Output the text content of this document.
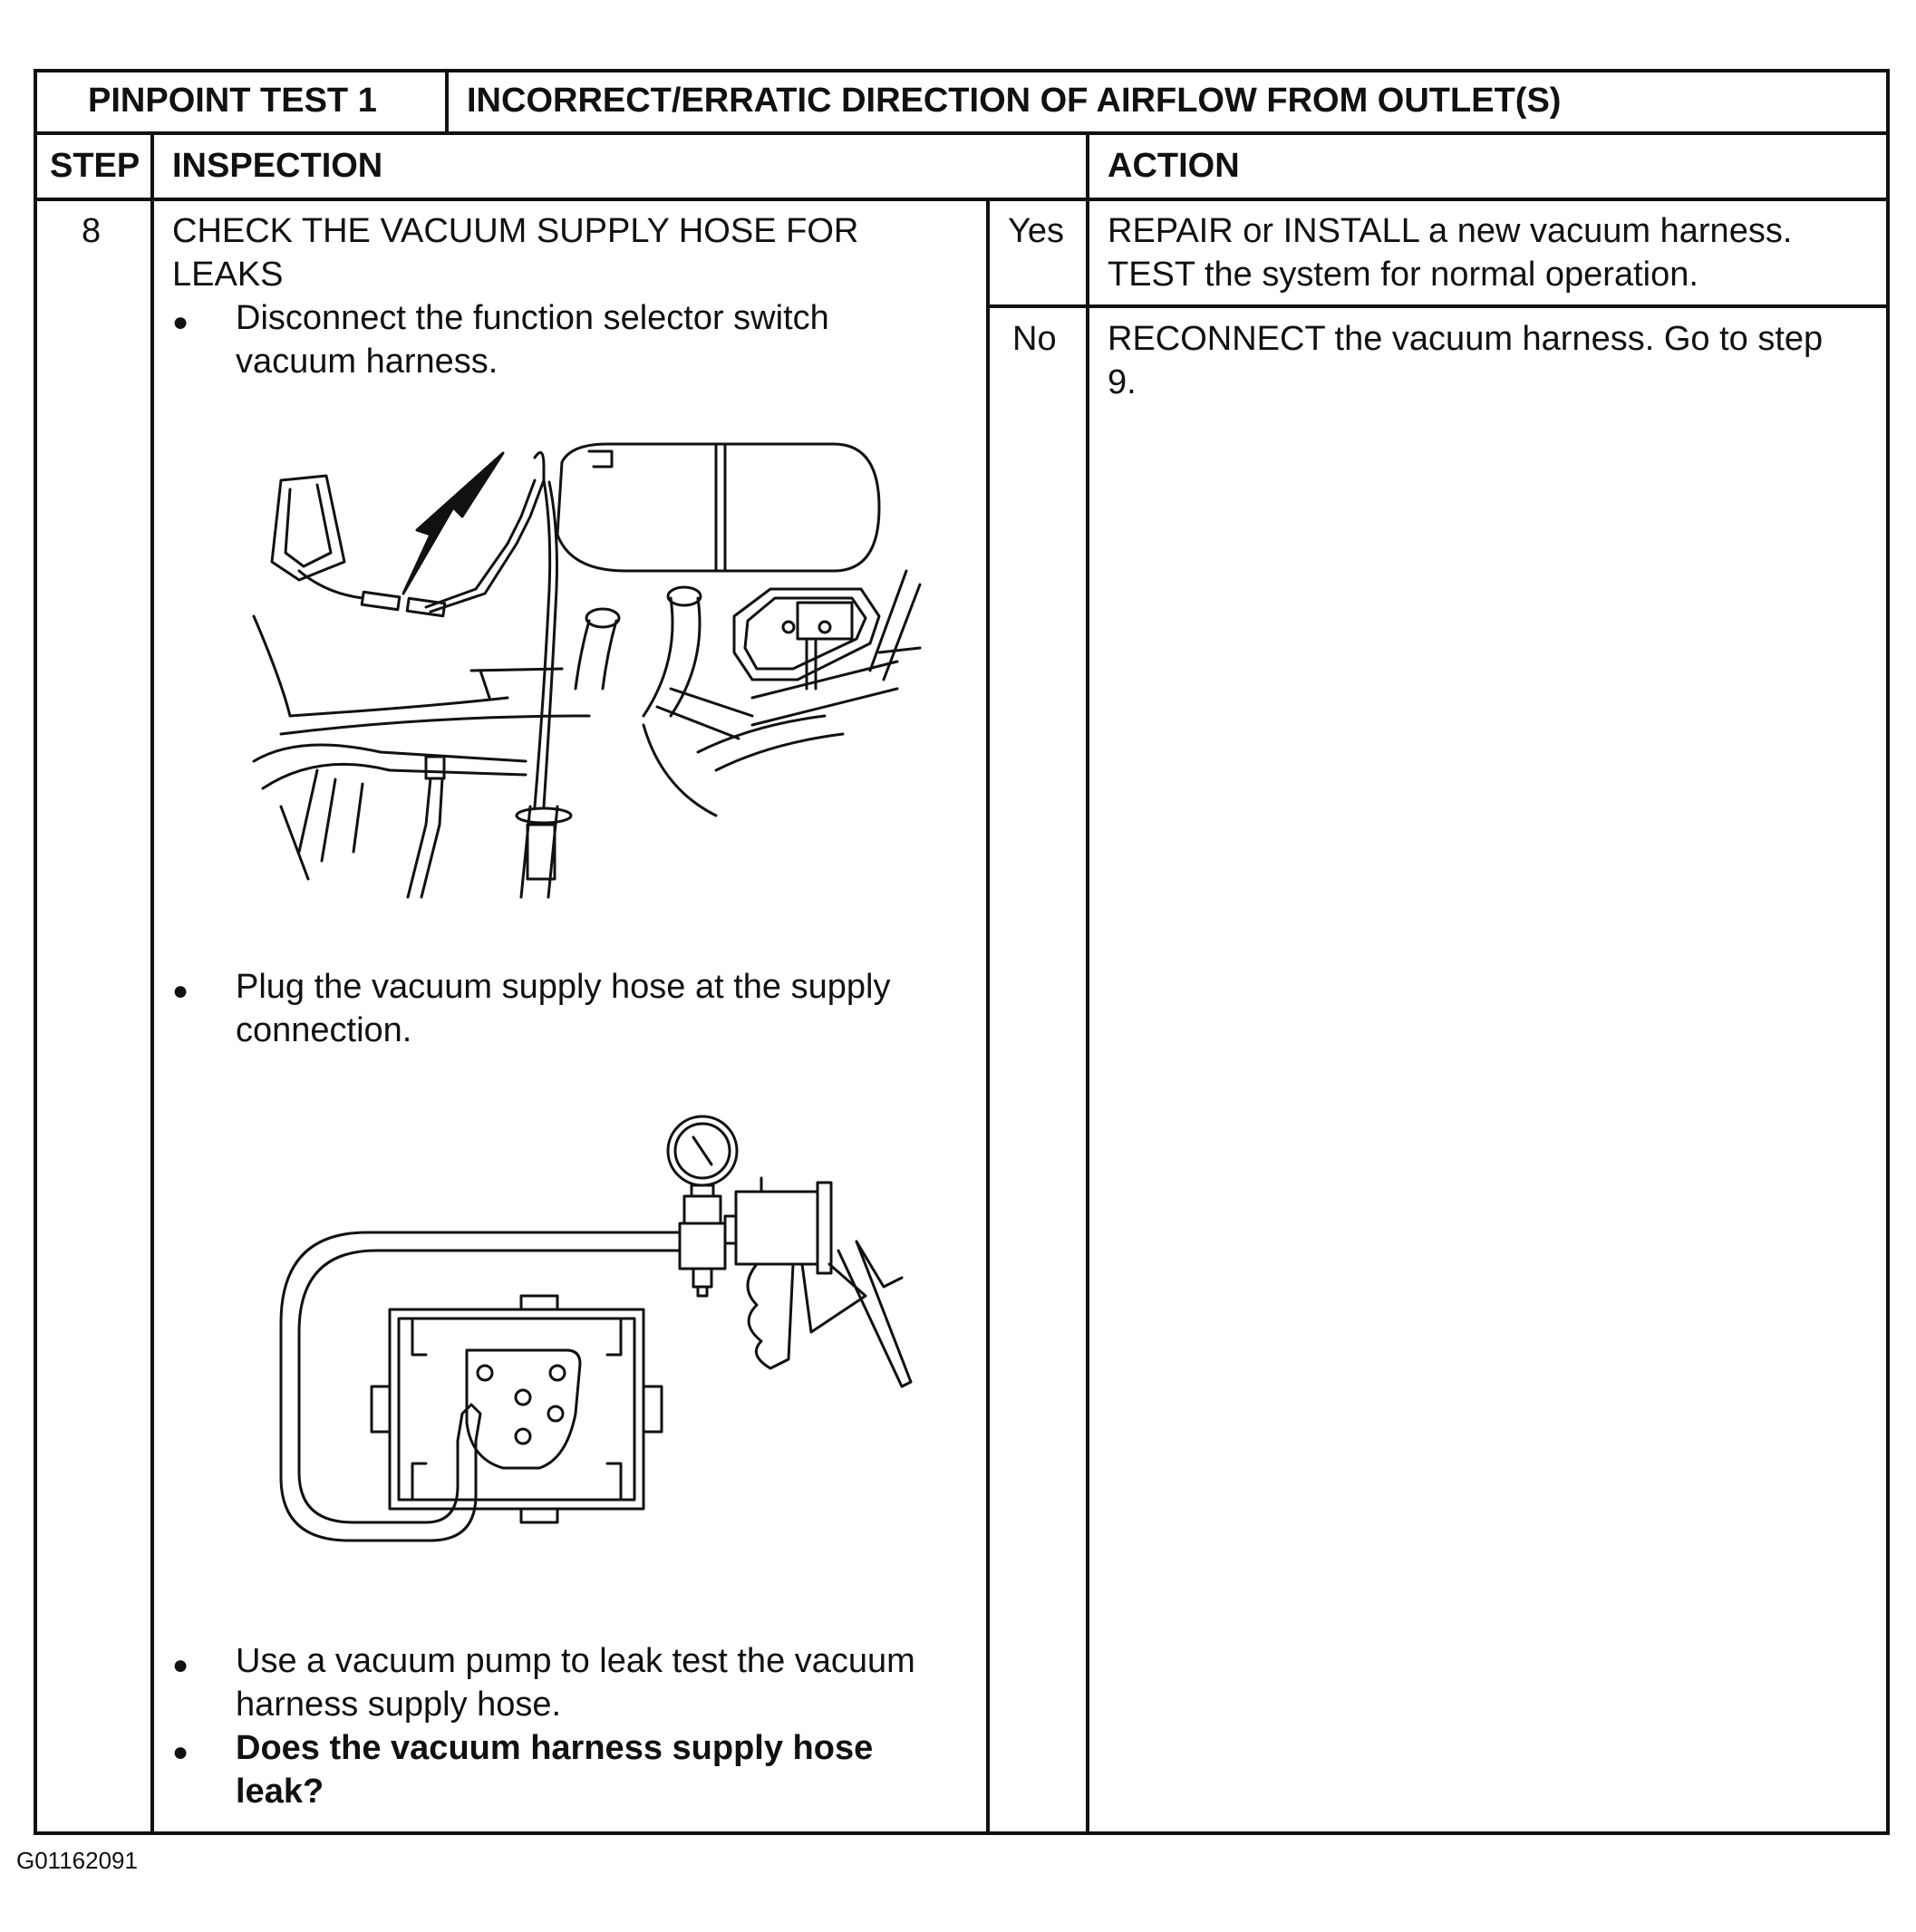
PINPOINT TEST 1	INCORRECT/ERRATIC DIRECTION OF AIRFLOW FROM OUTLET(S)
STEP INSPECTION	ACTION
8 CHECK THE VACUUM SUPPLY HOSE FOR
LEAKS
● Disconnect the function selector switch
vacuum harness.
● Plug the vacuum supply hose at the supply
connection.
● Use a vacuum pump to leak test the vacuum
harness supply hose.
● Does the vacuum harness supply hose
leak?
Yes REPAIR or INSTALL a new vacuum harness.
TEST the system for normal operation.
No RECONNECT the vacuum harness. Go to step
9.
G01162091
